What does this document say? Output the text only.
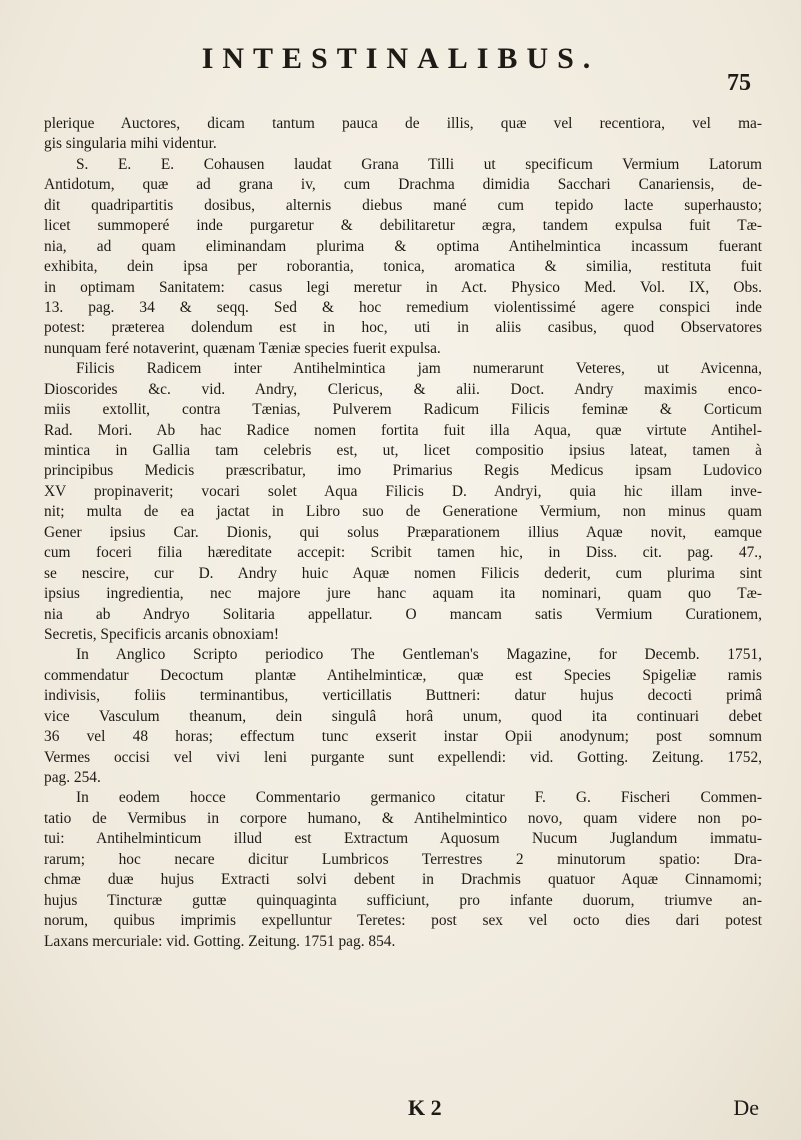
INTESTINALIBUS.
75
plerique Auctores, dicam tantum pauca de illis, quæ vel recentiora, vel ma-
gis singularia mihi videntur.
S. E. E. Cohausen laudat Grana Tilli ut specificum Vermium Latorum
Antidotum, quæ ad grana iv, cum Drachma dimidia Sacchari Canariensis, de-
dit quadripartitis dosibus, alternis diebus mané cum tepido lacte superhausto;
licet summoperé inde purgaretur & debilitaretur ægra, tandem expulsa fuit Tæ-
nia, ad quam eliminandam plurima & optima Antihelmintica incassum fuerant
exhibita, dein ipsa per roborantia, tonica, aromatica & similia, restituta fuit
in optimam Sanitatem: casus legi meretur in Act. Physico Med. Vol. IX, Obs.
13. pag. 34 & seqq. Sed & hoc remedium violentissimé agere conspici inde
potest: præterea dolendum est in hoc, uti in aliis casibus, quod Observatores
nunquam feré notaverint, quænam Tæniæ species fuerit expulsa.
Filicis Radicem inter Antihelmintica jam numerarunt Veteres, ut Avicenna,
Dioscorides &c. vid. Andry, Clericus, & alii. Doct. Andry maximis enco-
miis extollit, contra Tænias, Pulverem Radicum Filicis feminæ & Corticum
Rad. Mori. Ab hac Radice nomen fortita fuit illa Aqua, quæ virtute Antihel-
mintica in Gallia tam celebris est, ut, licet compositio ipsius lateat, tamen à
principibus Medicis præscribatur, imo Primarius Regis Medicus ipsam Ludovico
XV propinaverit; vocari solet Aqua Filicis D. Andryi, quia hic illam inve-
nit; multa de ea jactat in Libro suo de Generatione Vermium, non minus quam
Gener ipsius Car. Dionis, qui solus Præparationem illius Aquæ novit, eamque
cum foceri filia hæreditate accepit: Scribit tamen hic, in Diss. cit. pag. 47.,
se nescire, cur D. Andry huic Aquæ nomen Filicis dederit, cum plurima sint
ipsius ingredientia, nec majore jure hanc aquam ita nominari, quam quo Tæ-
nia ab Andryo Solitaria appellatur. O mancam satis Vermium Curationem,
Secretis, Specificis arcanis obnoxiam!
In Anglico Scripto periodico The Gentleman's Magazine, for Decemb. 1751,
commendatur Decoctum plantæ Antihelminticæ, quæ est Species Spigeliæ ramis
indivisis, foliis terminantibus, verticillatis Buttneri: datur hujus decocti primâ
vice Vasculum theanum, dein singulâ horâ unum, quod ita continuari debet
36 vel 48 horas; effectum tunc exserit instar Opii anodynum; post somnum
Vermes occisi vel vivi leni purgante sunt expellendi: vid. Gotting. Zeitung. 1752,
pag. 254.
In eodem hocce Commentario germanico citatur F. G. Fischeri Commen-
tatio de Vermibus in corpore humano, & Antihelmintico novo, quam videre non po-
tui: Antihelminticum illud est Extractum Aquosum Nucum Juglandum immatu-
rarum; hoc necare dicitur Lumbricos Terrestres 2 minutorum spatio: Dra-
chmæ duæ hujus Extracti solvi debent in Drachmis quatuor Aquæ Cinnamomi;
hujus Tincturæ guttæ quinquaginta sufficiunt, pro infante duorum, triumve an-
norum, quibus imprimis expelluntur Teretes: post sex vel octo dies dari potest
Laxans mercuriale: vid. Gotting. Zeitung. 1751 pag. 854.
K 2	De
